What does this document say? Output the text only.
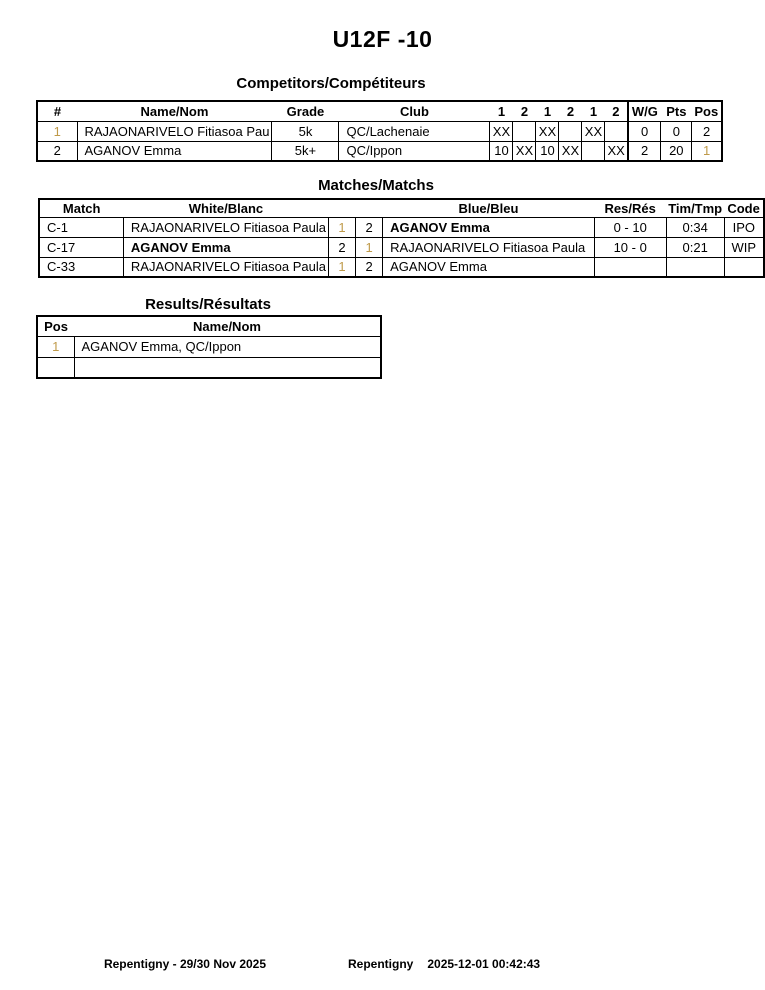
U12F -10
Competitors/Compétiteurs
#	Name/Nom	Grade	Club	1	2	1	2	1	2	W/G	Pts	Pos
1	RAJAONARIVELO Fitiasoa Pau	5k	QC/Lachenaie	XX		XX		XX		0	0	2
2	AGANOV Emma	5k+	QC/Ippon	10	XX	10	XX		XX	2	20	1
Matches/Matchs
Match	White/Blanc			Blue/Bleu	Res/Rés	Tim/Tmp	Code
C-1	RAJAONARIVELO Fitiasoa Paula	1	2	AGANOV Emma	0 - 10	0:34	IPO
C-17	AGANOV Emma	2	1	RAJAONARIVELO Fitiasoa Paula	10 - 0	0:21	WIP
C-33	RAJAONARIVELO Fitiasoa Paula	1	2	AGANOV Emma			
Results/Résultats
Pos	Name/Nom
1	AGANOV Emma, QC/Ippon

Repentigny - 29/30 Nov 2025	Repentigny 2025-12-01 00:42:43
